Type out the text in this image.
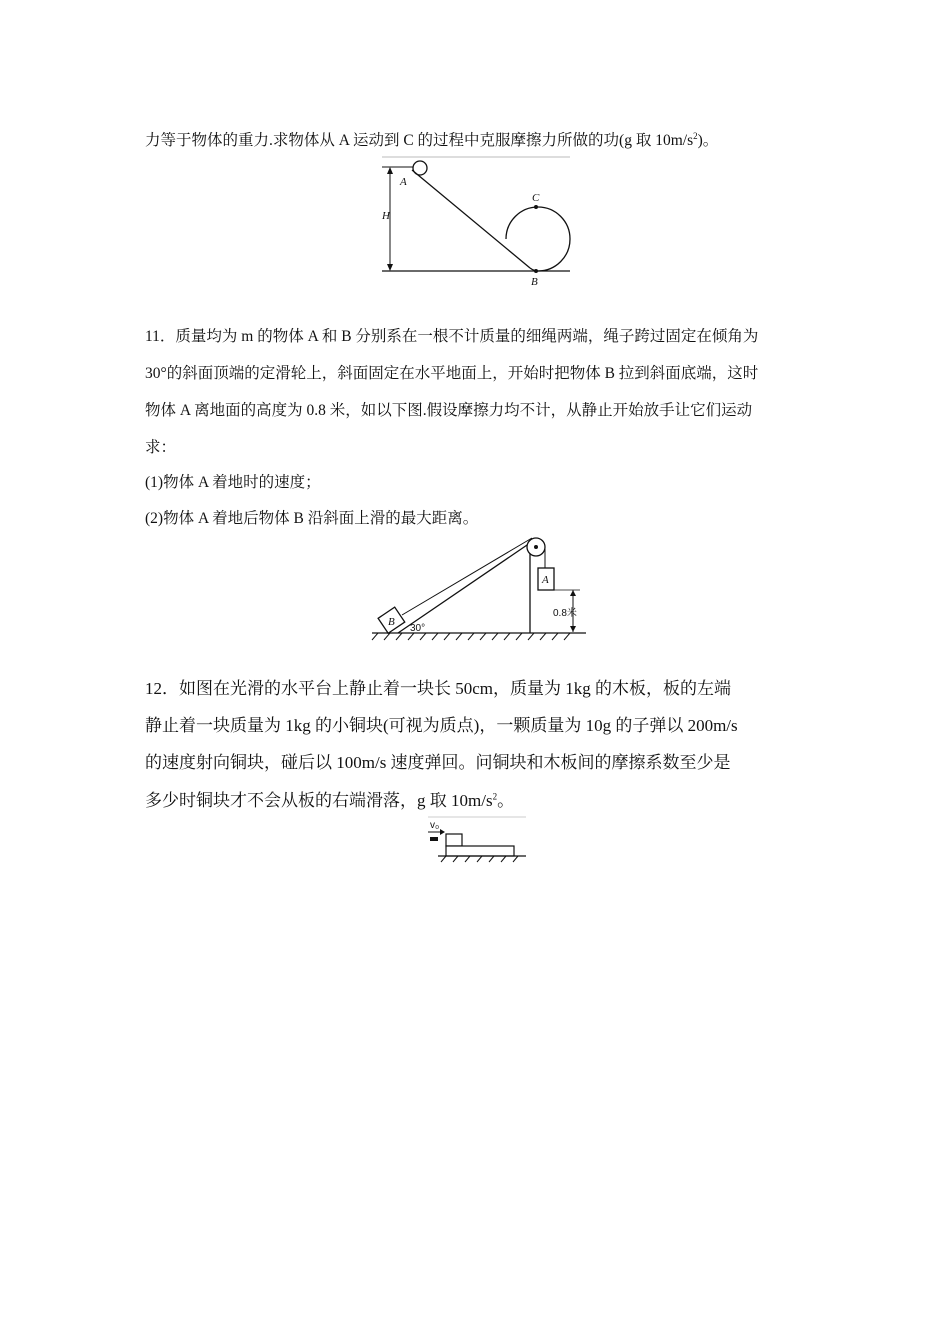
力等于物体的重力.求物体从 A 运动到 C 的过程中克服摩擦力所做的功(g 取 $10m/s^2$)。
A
H
C
B
11．质量均为 m 的物体 A 和 B 分别系在一根不计质量的细绳两端，绳子跨过固定在倾角为
30°的斜面顶端的定滑轮上，斜面固定在水平地面上，开始时把物体 B 拉到斜面底端，这时
物体 A 离地面的高度为 0.8 米，如以下图.假设摩擦力均不计，从静止开始放手让它们运动
求：
(1)物体 A 着地时的速度；
(2)物体 A 着地后物体 B 沿斜面上滑的最大距离。
B
A
30°
0.8米
12．如图在光滑的水平台上静止着一块长 50cm，质量为 1kg 的木板，板的左端
静止着一块质量为 1kg 的小铜块(可视为质点)，一颗质量为 10g 的子弹以 200m/s
的速度射向铜块，碰后以 100m/s 速度弹回。问铜块和木板间的摩擦系数至少是
多少时铜块才不会从板的右端滑落，g 取 $10m/s^2$。
v₀
